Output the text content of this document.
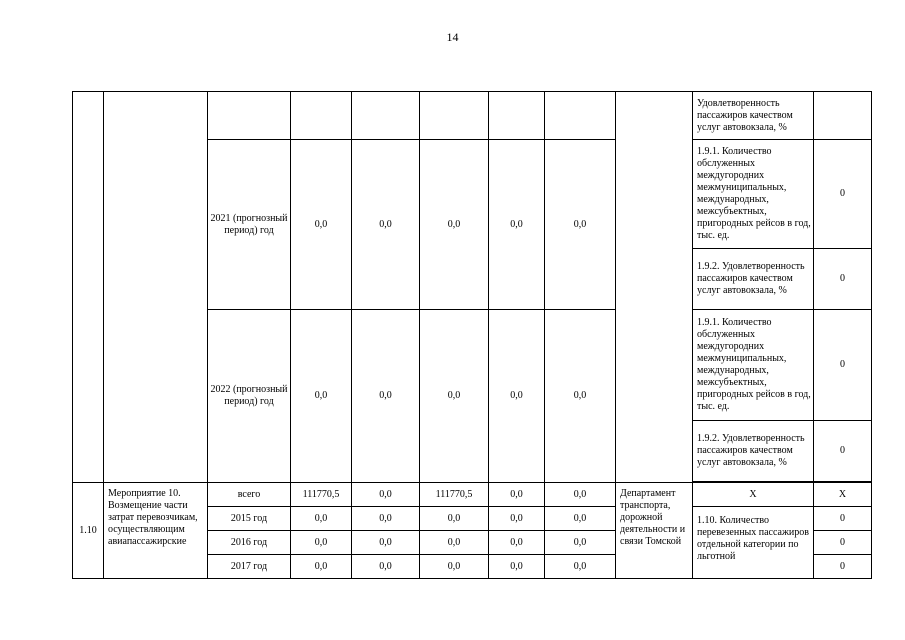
14
									Удовлетворенность пассажиров качеством услуг автовокзала, %	
		2021 (прогнозный период) год	0,0	0,0	0,0	0,0	0,0		1.9.1. Количество обслуженных междугородних межмуниципальных, международных, межсубъектных, пригородных рейсов в год, тыс. ед.	0
									1.9.2. Удовлетворенность пассажиров качеством услуг автовокзала, %	0
		2022 (прогнозный период) год	0,0	0,0	0,0	0,0	0,0		1.9.1. Количество обслуженных междугородних межмуниципальных, международных, межсубъектных, пригородных рейсов в год, тыс. ед.	0
									1.9.2. Удовлетворенность пассажиров качеством услуг автовокзала, %	0

1.10	Мероприятие 10. Возмещение части затрат перевозчикам, осуществляющим авиапассажирские	всего	111770,5	0,0	111770,5	0,0	0,0	Департамент транспорта, дорожной деятельности и связи Томской	Х	Х
		2015 год	0,0	0,0	0,0	0,0	0,0		1.10. Количество перевезенных пассажиров отдельной категории по льготной	0
		2016 год	0,0	0,0	0,0	0,0	0,0			0
		2017 год	0,0	0,0	0,0	0,0	0,0			0
